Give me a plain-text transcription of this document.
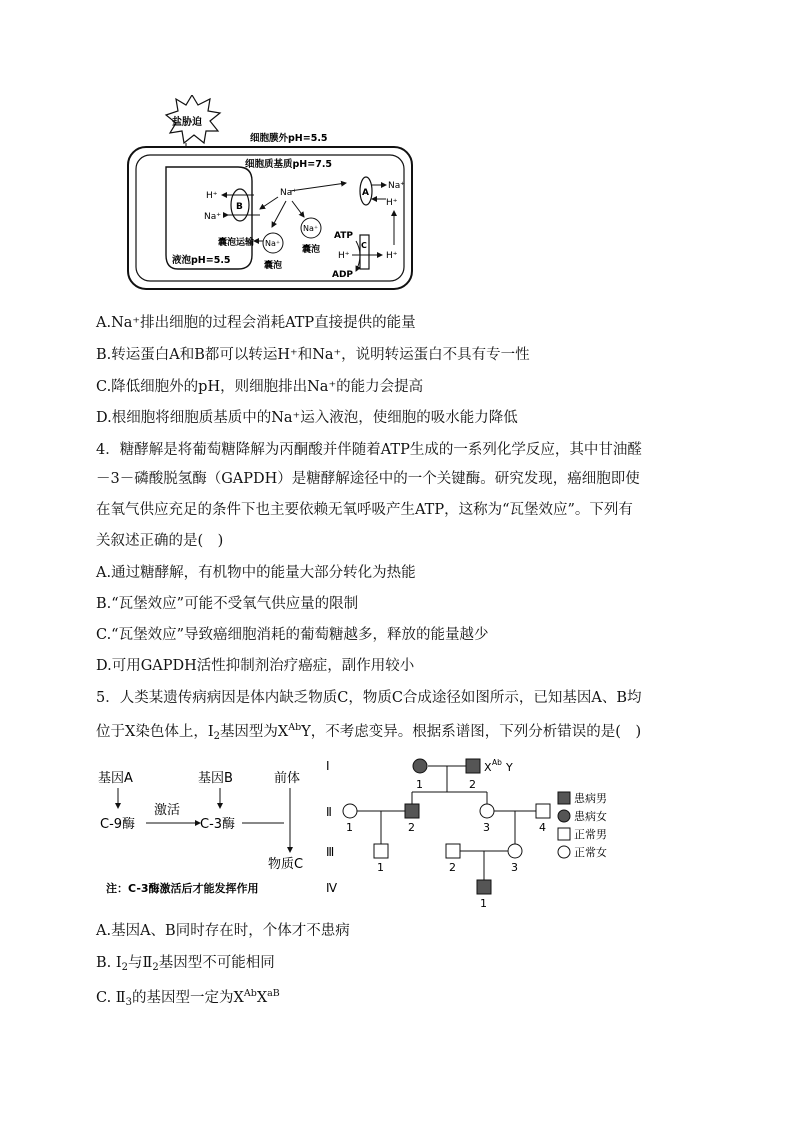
盐胁迫
细胞膜外pH=5.5
细胞质基质pH=7.5
液泡pH=5.5
B
H⁺
Na⁺
Na⁺
Na⁺
Na⁺
囊泡运输
囊泡
囊泡
A
Na⁺
H⁺
C
ATP
H⁺
ADP
H⁺
A.Na⁺排出细胞的过程会消耗ATP直接提供的能量
B.转运蛋白A和B都可以转运H⁺和Na⁺，说明转运蛋白不具有专一性
C.降低细胞外的pH，则细胞排出Na⁺的能力会提高
D.根细胞将细胞质基质中的Na⁺运入液泡，使细胞的吸水能力降低
4．糖酵解是将葡萄糖降解为丙酮酸并伴随着ATP生成的一系列化学反应，其中甘油醛
－3－磷酸脱氢酶（GAPDH）是糖酵解途径中的一个关键酶。研究发现，癌细胞即使
在氧气供应充足的条件下也主要依赖无氧呼吸产生ATP，这称为“瓦堡效应”。下列有
关叙述正确的是(　)
A.通过糖酵解，有机物中的能量大部分转化为热能
B.“瓦堡效应”可能不受氧气供应量的限制
C.“瓦堡效应”导致癌细胞消耗的葡萄糖越多，释放的能量越少
D.可用GAPDH活性抑制剂治疗癌症，副作用较小
5．人类某遗传病病因是体内缺乏物质C，物质C合成途径如图所示，已知基因A、B均
位于X染色体上，$I_2$基因型为$X^{Ab}Y$，不考虑变异。根据系谱图，下列分析错误的是(　)
基因A	基因B	前体
C-9酶
激活
C-3酶
物质C
注：C-3酶激活后才能发挥作用
Ⅰ
Ⅱ
Ⅲ
Ⅳ
1	2
X Ab Y
1	2	3	4
1	2	3
1
患病男
患病女
正常男
正常女
A.基因A、B同时存在时，个体才不患病
B. $Ⅰ_2$与$Ⅱ_2$基因型不可能相同
C. $Ⅱ_3$的基因型一定为$X^{Ab}X^{aB}$
